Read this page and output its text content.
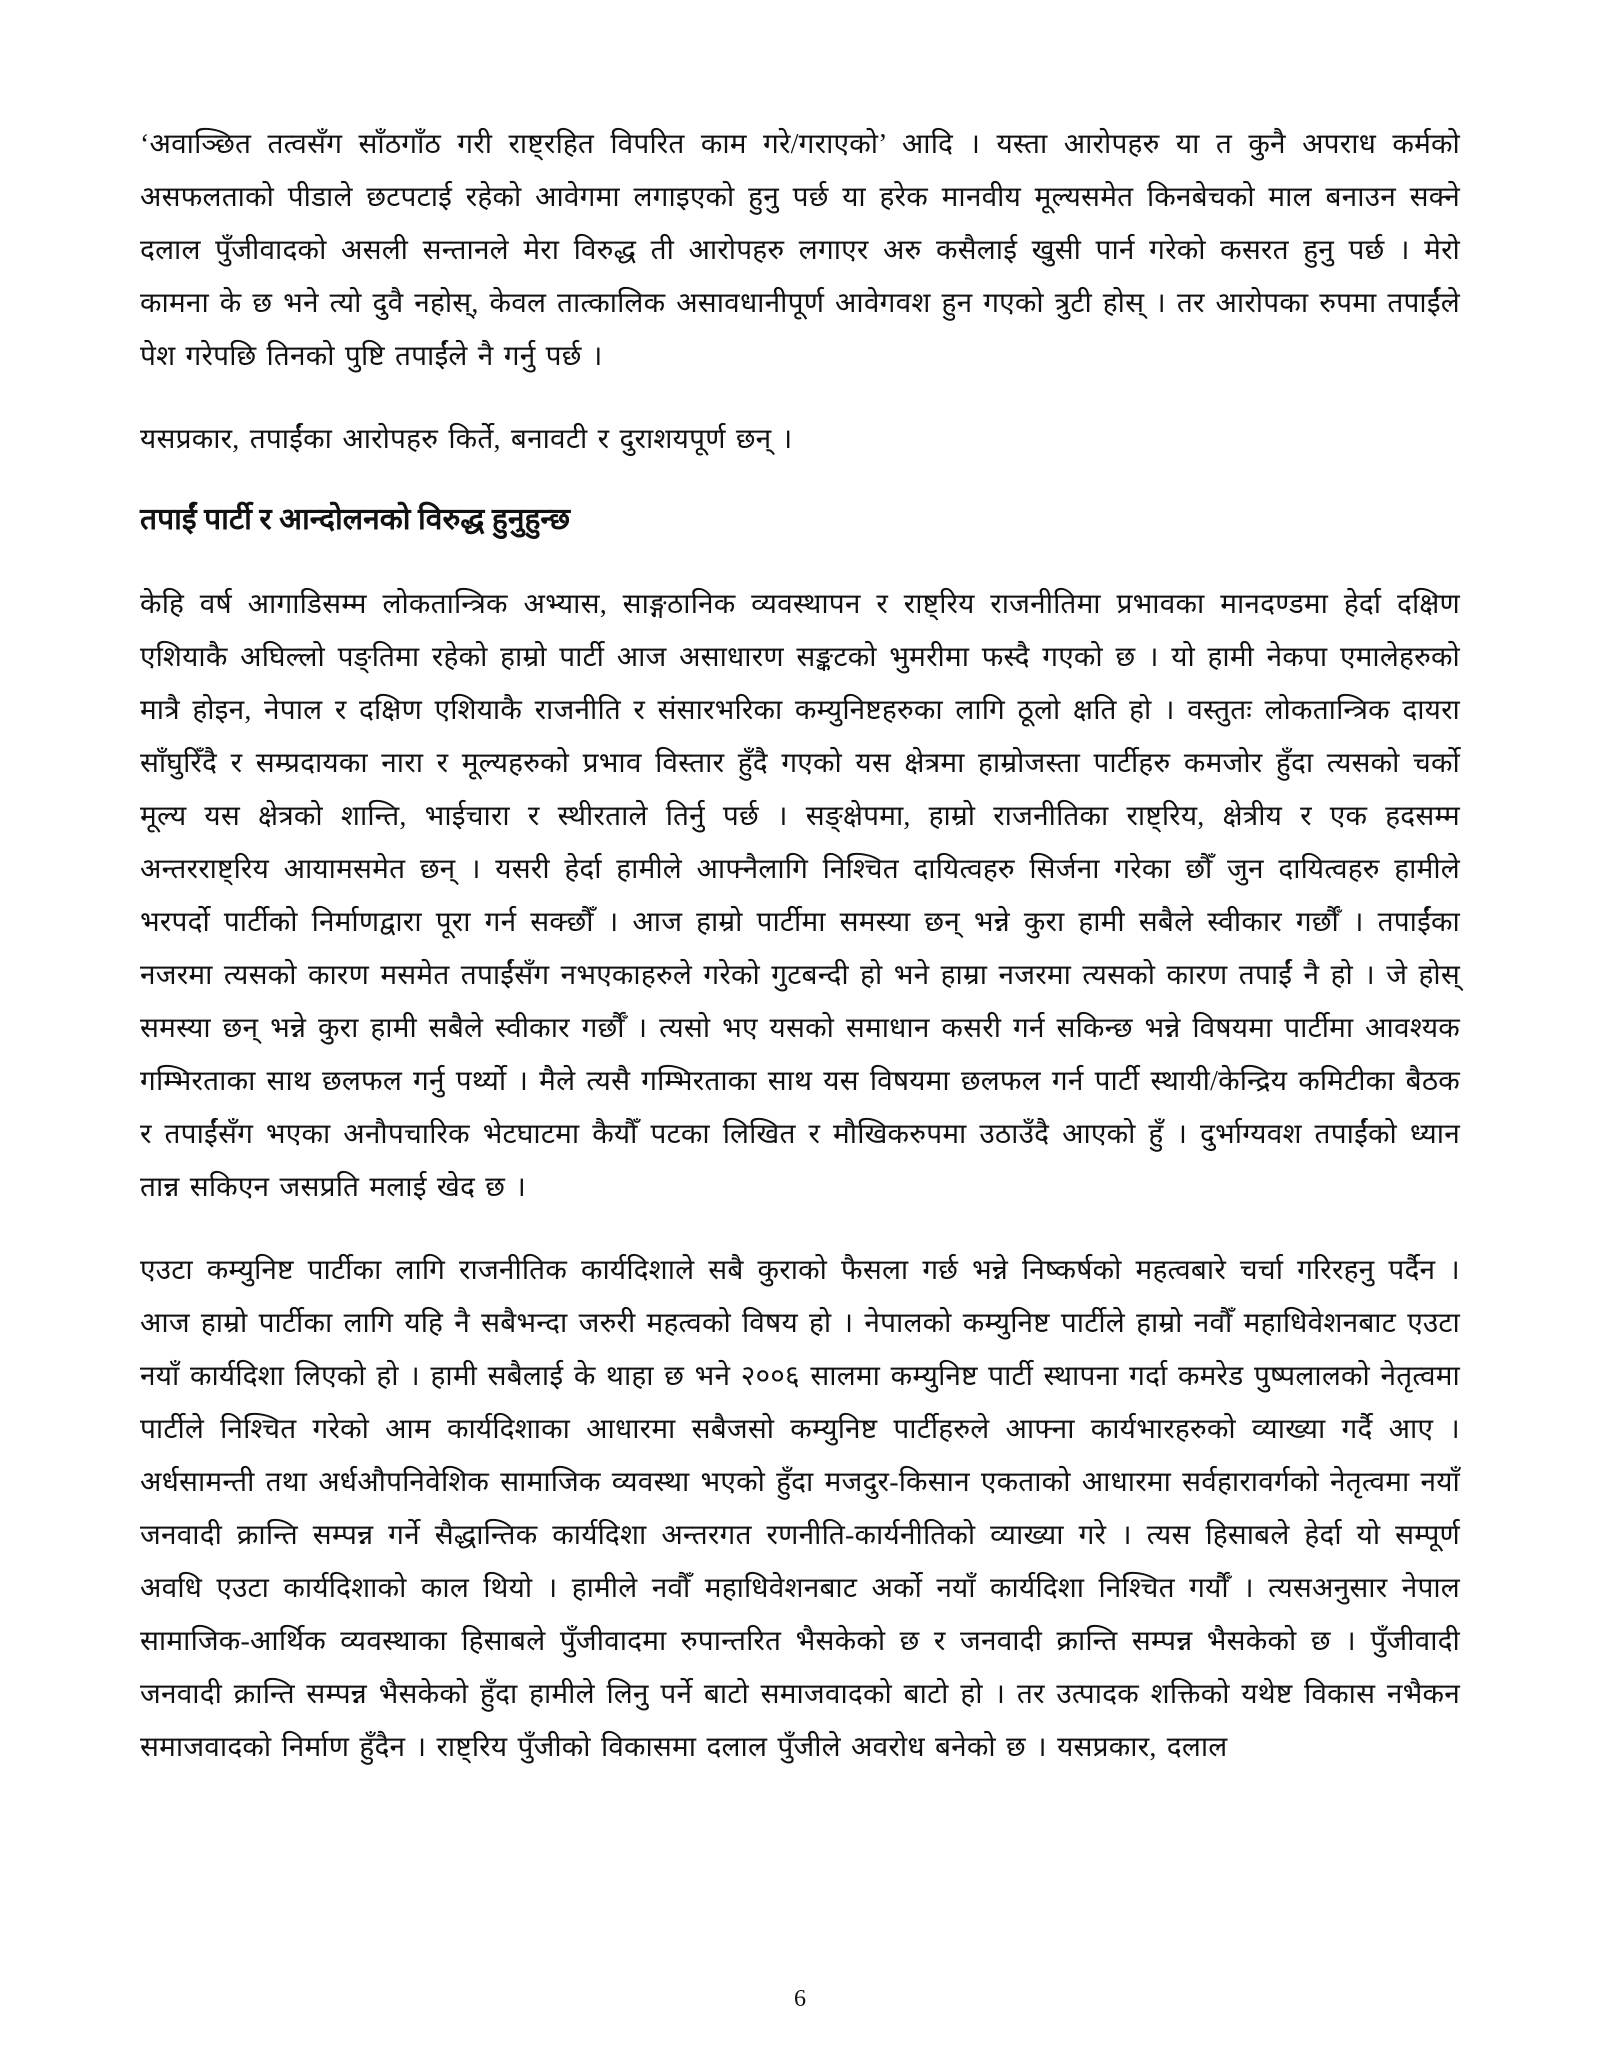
‘अवाञ्छित तत्वसँग साँठगाँठ गरी राष्ट्रहित विपरित काम गरे/गराएको’ आदि । यस्ता आरोपहरु या त कुनै अपराध कर्मको असफलताको पीडाले छटपटाई रहेको आवेगमा लगाइएको हुनु पर्छ या हरेक मानवीय मूल्यसमेत किनबेचको माल बनाउन सक्ने दलाल पुँजीवादको असली सन्तानले मेरा विरुद्ध ती आरोपहरु लगाएर अरु कसैलाई खुसी पार्न गरेको कसरत हुनु पर्छ । मेरो कामना के छ भने त्यो दुवै नहोस्, केवल तात्कालिक असावधानीपूर्ण आवेगवश हुन गएको त्रुटी होस् । तर आरोपका रुपमा तपाईंले पेश गरेपछि तिनको पुष्टि तपाईंले नै गर्नु पर्छ ।

यसप्रकार, तपाईंका आरोपहरु किर्ते, बनावटी र दुराशयपूर्ण छन् ।

तपाईं पार्टी र आन्दोलनको विरुद्ध हुनुहुन्छ

केहि वर्ष आगाडिसम्म लोकतान्त्रिक अभ्यास, साङ्गठानिक व्यवस्थापन र राष्ट्रिय राजनीतिमा प्रभावका मानदण्डमा हेर्दा दक्षिण एशियाकै अघिल्लो पङ्तिमा रहेको हाम्रो पार्टी आज असाधारण सङ्कटको भुमरीमा फस्दै गएको छ । यो हामी नेकपा एमालेहरुको मात्रै होइन, नेपाल र दक्षिण एशियाकै राजनीति र संसारभरिका कम्युनिष्टहरुका लागि ठूलो क्षति हो । वस्तुतः लोकतान्त्रिक दायरा साँघुरिँदै र सम्प्रदायका नारा र मूल्यहरुको प्रभाव विस्तार हुँदै गएको यस क्षेत्रमा हाम्रोजस्ता पार्टीहरु कमजोर हुँदा त्यसको चर्को मूल्य यस क्षेत्रको शान्ति, भाईचारा र स्थीरताले तिर्नु पर्छ । सङ्क्षेपमा, हाम्रो राजनीतिका राष्ट्रिय, क्षेत्रीय र एक हदसम्म अन्तरराष्ट्रिय आयामसमेत छन् । यसरी हेर्दा हामीले आफ्नैलागि निश्चित दायित्वहरु सिर्जना गरेका छौँ जुन दायित्वहरु हामीले भरपर्दो पार्टीको निर्माणद्वारा पूरा गर्न सक्छौँ । आज हाम्रो पार्टीमा समस्या छन् भन्ने कुरा हामी सबैले स्वीकार गर्छौँ । तपाईंका नजरमा त्यसको कारण मसमेत तपाईंसँग नभएकाहरुले गरेको गुटबन्दी हो भने हाम्रा नजरमा त्यसको कारण तपाईं नै हो । जे होस् समस्या छन् भन्ने कुरा हामी सबैले स्वीकार गर्छौँ । त्यसो भए यसको समाधान कसरी गर्न सकिन्छ भन्ने विषयमा पार्टीमा आवश्यक गम्भिरताका साथ छलफल गर्नु पर्थ्यो । मैले त्यसै गम्भिरताका साथ यस विषयमा छलफल गर्न पार्टी स्थायी/केन्द्रिय कमिटीका बैठक र तपाईंसँग भएका अनौपचारिक भेटघाटमा कैयौँ पटका लिखित र मौखिकरुपमा उठाउँदै आएको हुँ । दुर्भाग्यवश तपाईंको ध्यान तान्न सकिएन जसप्रति मलाई खेद छ ।

एउटा कम्युनिष्ट पार्टीका लागि राजनीतिक कार्यदिशाले सबै कुराको फैसला गर्छ भन्ने निष्कर्षको महत्वबारे चर्चा गरिरहनु पर्दैन । आज हाम्रो पार्टीका लागि यहि नै सबैभन्दा जरुरी महत्वको विषय हो । नेपालको कम्युनिष्ट पार्टीले हाम्रो नवौँ महाधिवेशनबाट एउटा नयाँ कार्यदिशा लिएको हो । हामी सबैलाई के थाहा छ भने २००६ सालमा कम्युनिष्ट पार्टी स्थापना गर्दा कमरेड पुष्पलालको नेतृत्वमा पार्टीले निश्चित गरेको आम कार्यदिशाका आधारमा सबैजसो कम्युनिष्ट पार्टीहरुले आफ्ना कार्यभारहरुको व्याख्या गर्दै आए । अर्धसामन्ती तथा अर्धऔपनिवेशिक सामाजिक व्यवस्था भएको हुँदा मजदुर-किसान एकताको आधारमा सर्वहारावर्गको नेतृत्वमा नयाँ जनवादी क्रान्ति सम्पन्न गर्ने सैद्धान्तिक कार्यदिशा अन्तरगत रणनीति-कार्यनीतिको व्याख्या गरे । त्यस हिसाबले हेर्दा यो सम्पूर्ण अवधि एउटा कार्यदिशाको काल थियो । हामीले नवौँ महाधिवेशनबाट अर्को नयाँ कार्यदिशा निश्चित गर्यौँ । त्यसअनुसार नेपाल सामाजिक-आर्थिक व्यवस्थाका हिसाबले पुँजीवादमा रुपान्तरित भैसकेको छ र जनवादी क्रान्ति सम्पन्न भैसकेको छ । पुँजीवादी जनवादी क्रान्ति सम्पन्न भैसकेको हुँदा हामीले लिनु पर्ने बाटो समाजवादको बाटो हो । तर उत्पादक शक्तिको यथेष्ट विकास नभैकन समाजवादको निर्माण हुँदैन । राष्ट्रिय पुँजीको विकासमा दलाल पुँजीले अवरोध बनेको छ । यसप्रकार, दलाल

6
